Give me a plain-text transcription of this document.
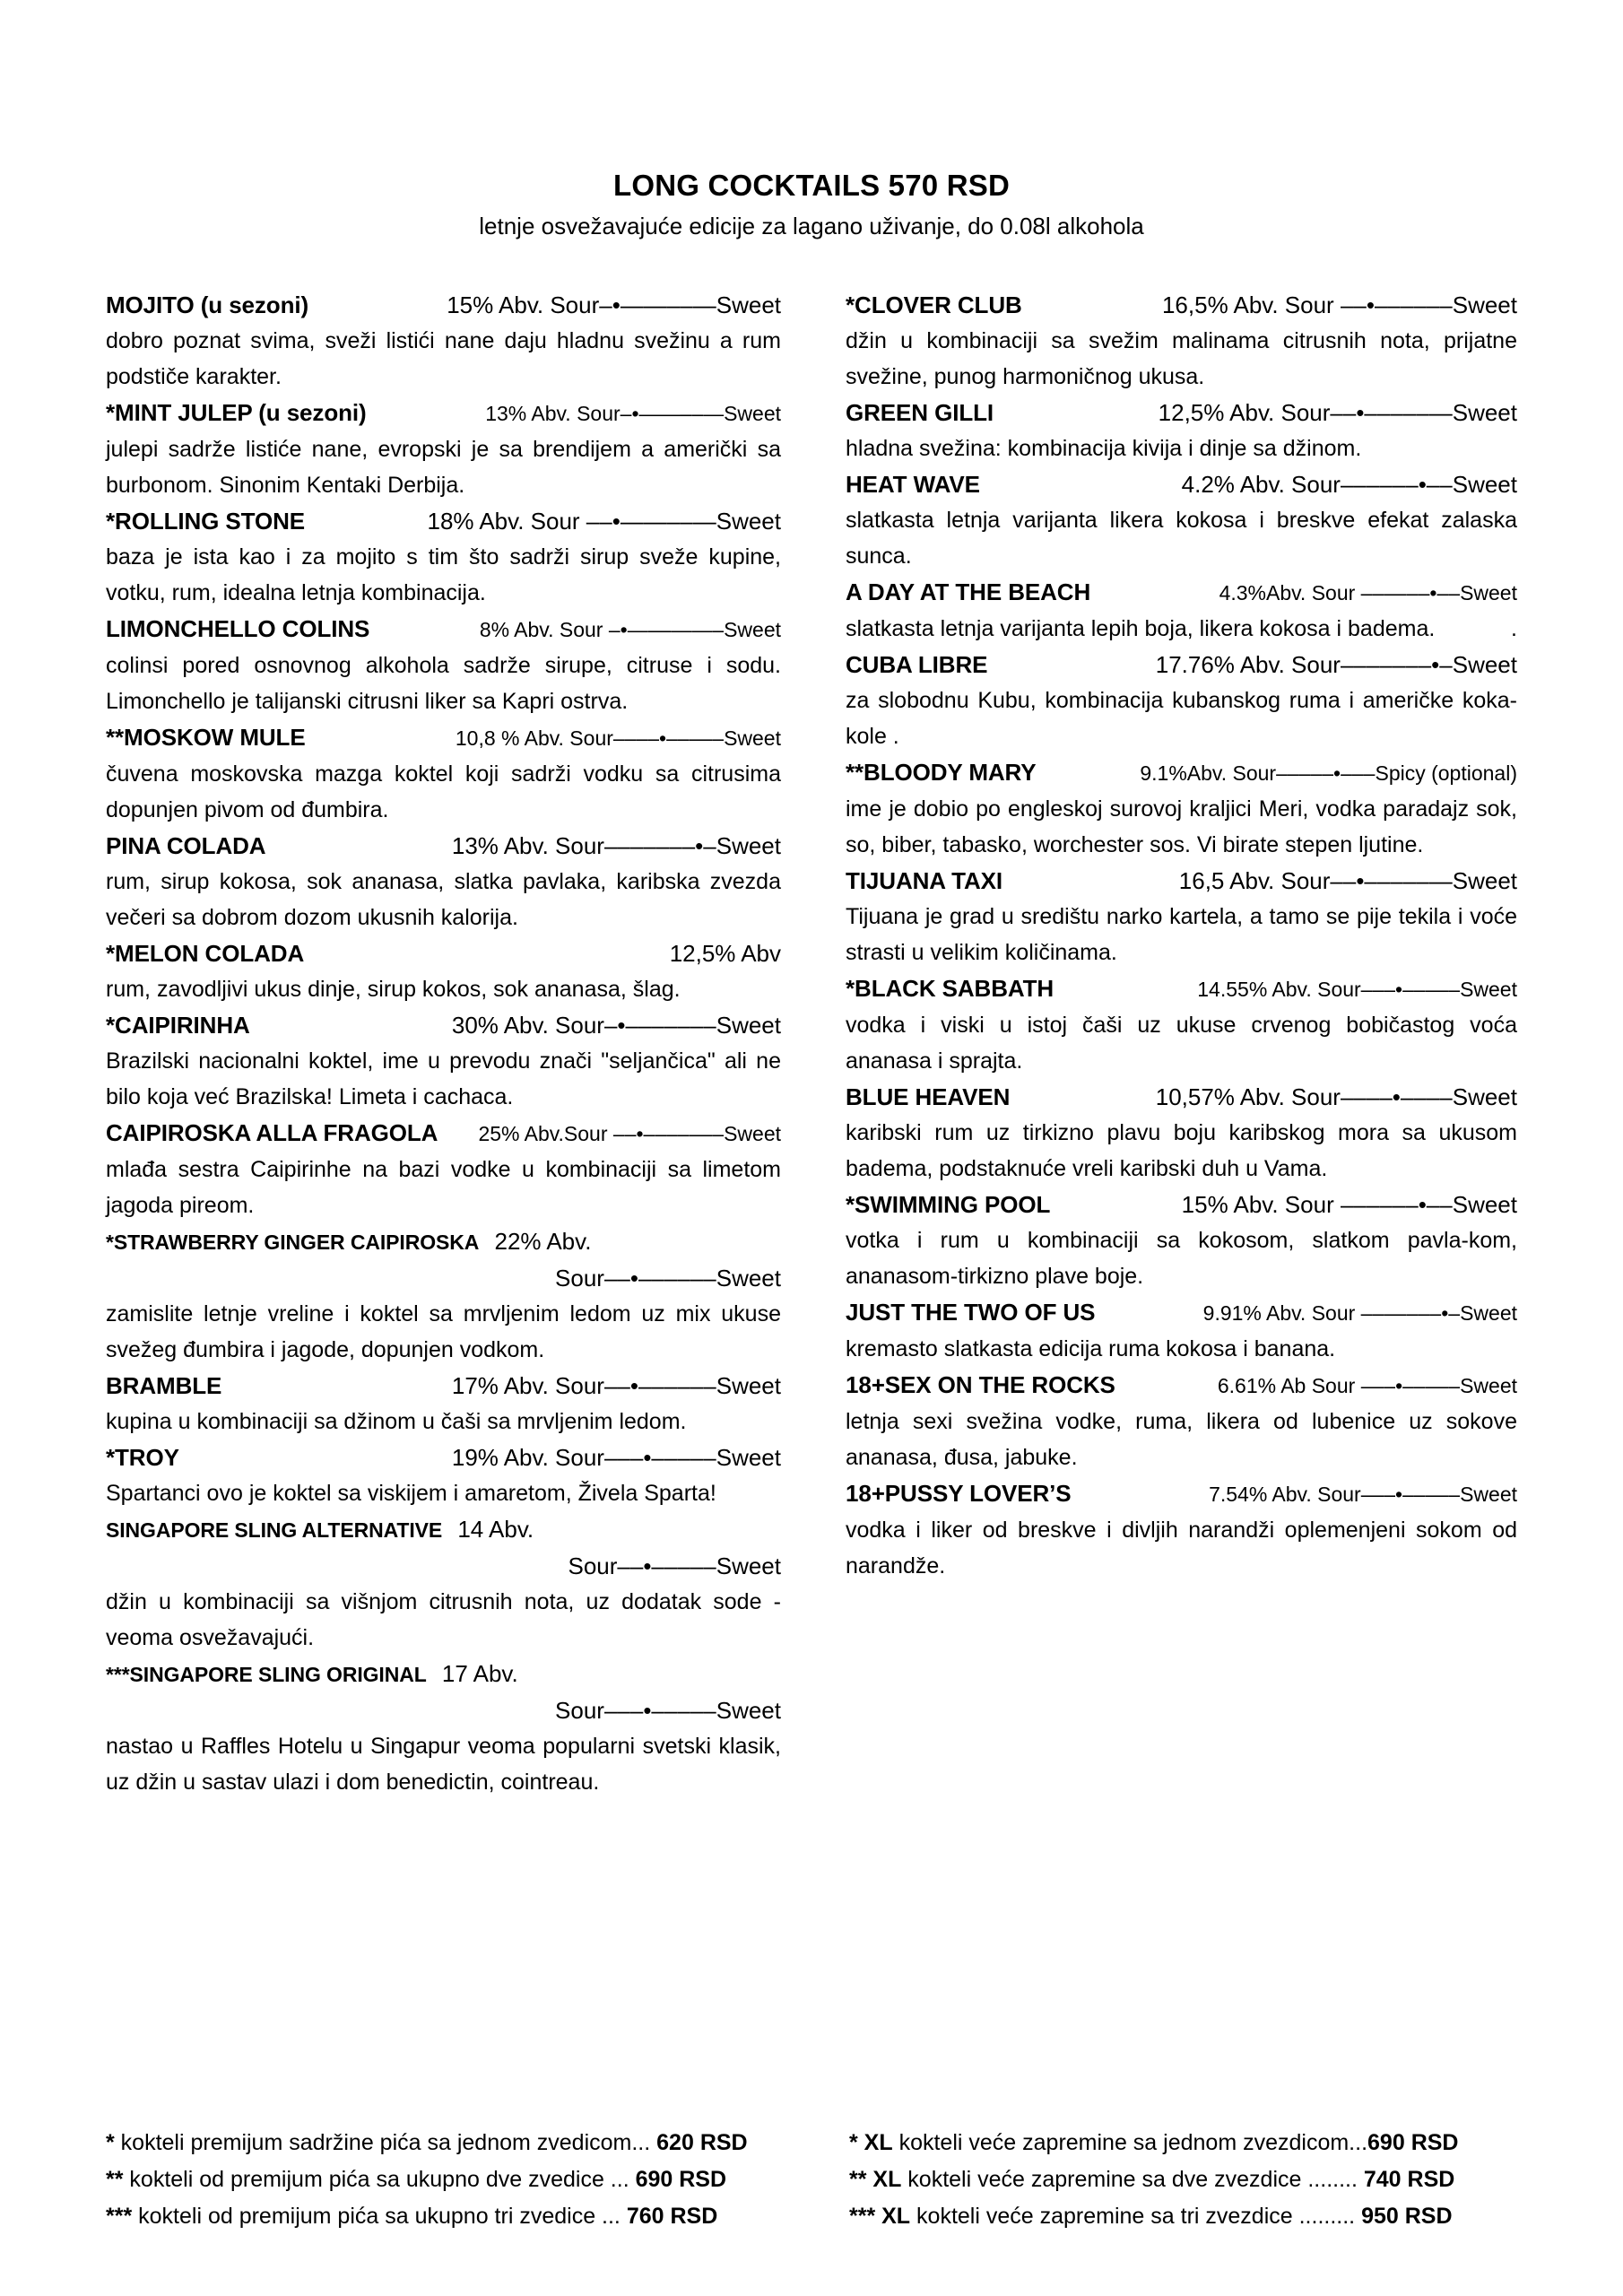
LONG COCKTAILS 570 RSD
letnje osvežavajuće edicije za lagano uživanje, do 0.08l alkohola
MOJITO (u sezoni)	15% Abv. Sour–•——––—Sweet
dobro poznat svima, sveži listići nane daju hladnu svežinu a rum podstiče karakter.
*MINT JULEP (u sezoni)	13% Abv. Sour–•——––—Sweet
julepi sadrže listiće nane, evropski je sa brendijem a američki sa burbonom. Sinonim Kentaki Derbija.
*ROLLING STONE	18% Abv. Sour ––•——––—Sweet
baza je ista kao i za mojito s tim što sadrži sirup sveže kupine, votku, rum, idealna letnja kombinacija.
LIMONCHELLO COLINS	8% Abv. Sour –•—––——–Sweet
colinsi pored osnovnog alkohola sadrže sirupe, citruse i sodu. Limonchello je talijanski citrusni liker sa Kapri ostrva.
**MOSKOW MULE	10,8 % Abv. Sour––––•–––––Sweet
čuvena moskovska mazga koktel koji sadrži vodku sa citrusima dopunjen pivom od đumbira.
PINA COLADA	13% Abv. Sour–––––––•–Sweet
rum, sirup kokosa, sok ananasa, slatka pavlaka, karibska zvezda večeri sa dobrom dozom ukusnih kalorija.
*MELON COLADA	12,5% Abv
rum, zavodljivi ukus dinje, sirup kokos, sok ananasa, šlag.
*CAIPIRINHA	30% Abv. Sour–•–––––––Sweet
Brazilski nacionalni koktel, ime u prevodu znači "seljančica" ali ne bilo koja već Brazilska! Limeta i cachaca.
CAIPIROSKA ALLA FRAGOLA	25% Abv.Sour ––•–––––––Sweet
mlađa sestra Caipirinhe na bazi vodke u kombinaciji sa limetom jagoda pireom.
*STRAWBERRY GINGER CAIPIROSKA 22% Abv.
Sour––•––––––Sweet
zamislite letnje vreline i koktel sa mrvljenim ledom uz mix ukuse svežeg đumbira i jagode, dopunjen vodkom.
BRAMBLE	17% Abv. Sour––•––––––Sweet
kupina u kombinaciji sa džinom u čaši sa mrvljenim ledom.
*TROY	19% Abv. Sour–––•–––––Sweet
Spartanci ovo je koktel sa viskijem i amaretom, Živela Sparta!
SINGAPORE SLING ALTERNATIVE 14 Abv.
Sour––•–––––Sweet
džin u kombinaciji sa višnjom citrusnih nota, uz dodatak sode - veoma osvežavajući.
***SINGAPORE SLING ORIGINAL 17 Abv.
Sour–––•–––––Sweet
nastao u Raffles Hotelu u Singapur veoma popularni svetski klasik, uz džin u sastav ulazi i dom benedictin, cointreau.
*CLOVER CLUB	16,5% Abv. Sour ––•––––––Sweet
džin u kombinaciji sa svežim malinama citrusnih nota, prijatne svežine, punog harmoničnog ukusa.
GREEN GILLI	12,5% Abv. Sour––•–––––—Sweet
hladna svežina: kombinacija kivija i dinje sa džinom.
HEAT WAVE	4.2% Abv. Sour––––––•––Sweet
slatkasta letnja varijanta likera kokosa i breskve efekat zalaska sunca.
A DAY AT THE BEACH	4.3%Abv. Sour ––––––•––Sweet
slatkasta letnja varijanta lepih boja, likera kokosa i bademа.	.
CUBA LIBRE	17.76% Abv. Sour–––––––•–Sweet
za slobodnu Kubu, kombinacija kubanskog ruma i američke koka-kole .
**BLOODY MARY	9.1%Abv. Sour–––––•–––Spicy (optional)
ime je dobio po engleskoj surovoj kraljici Meri, vodka paradajz sok, so, biber, tabasko, worchester sos. Vi birate stepen ljutine.
TIJUANA TAXI	16,5 Abv. Sour––•–––––—Sweet
Tijuana je grad u središtu narko kartela, a tamo se pije tekila i voće strasti u velikim količinama.
*BLACK SABBATH	14.55% Abv. Sour–––•–––––Sweet
vodka i viski u istoj čaši uz ukuse crvenog bobičastog voća ananasa i sprajta.
BLUE HEAVEN	10,57% Abv. Sour––––•––––Sweet
karibski rum uz tirkizno plavu boju karibskog mora sa ukusom badema, podstaknuće vreli karibski duh u Vama.
*SWIMMING POOL	15% Abv. Sour ––––––•––Sweet
votka i rum u kombinaciji sa kokosom, slatkom pavla-kom, ananasom-tirkizno plave boje.
JUST THE TWO OF US	9.91% Abv. Sour –––––––•–Sweet
kremasto slatkasta edicija ruma kokosa i banana.
18+SEX ON THE ROCKS	6.61% Ab Sour –––•–––––Sweet
letnja sexi svežina vodke, ruma, likera od lubenice uz sokove ananasa, đusa, jabuke.
18+PUSSY LOVER’S	7.54% Abv. Sour–––•–––––Sweet
vodka i liker od breskve i divljih narandži oplemenjeni sokom od narandže.
* kokteli premijum sadržine pića sa jednom zvedicom... 620 RSD
** kokteli od premijum pića sa ukupno dve zvedice ... 690 RSD
*** kokteli od premijum pića sa ukupno tri zvedice ... 760 RSD
* XL kokteli veće zapremine sa jednom zvezdicom...690 RSD
** XL kokteli veće zapremine sa dve zvezdice ........ 740 RSD
*** XL kokteli veće zapremine sa tri zvezdice ......... 950 RSD
